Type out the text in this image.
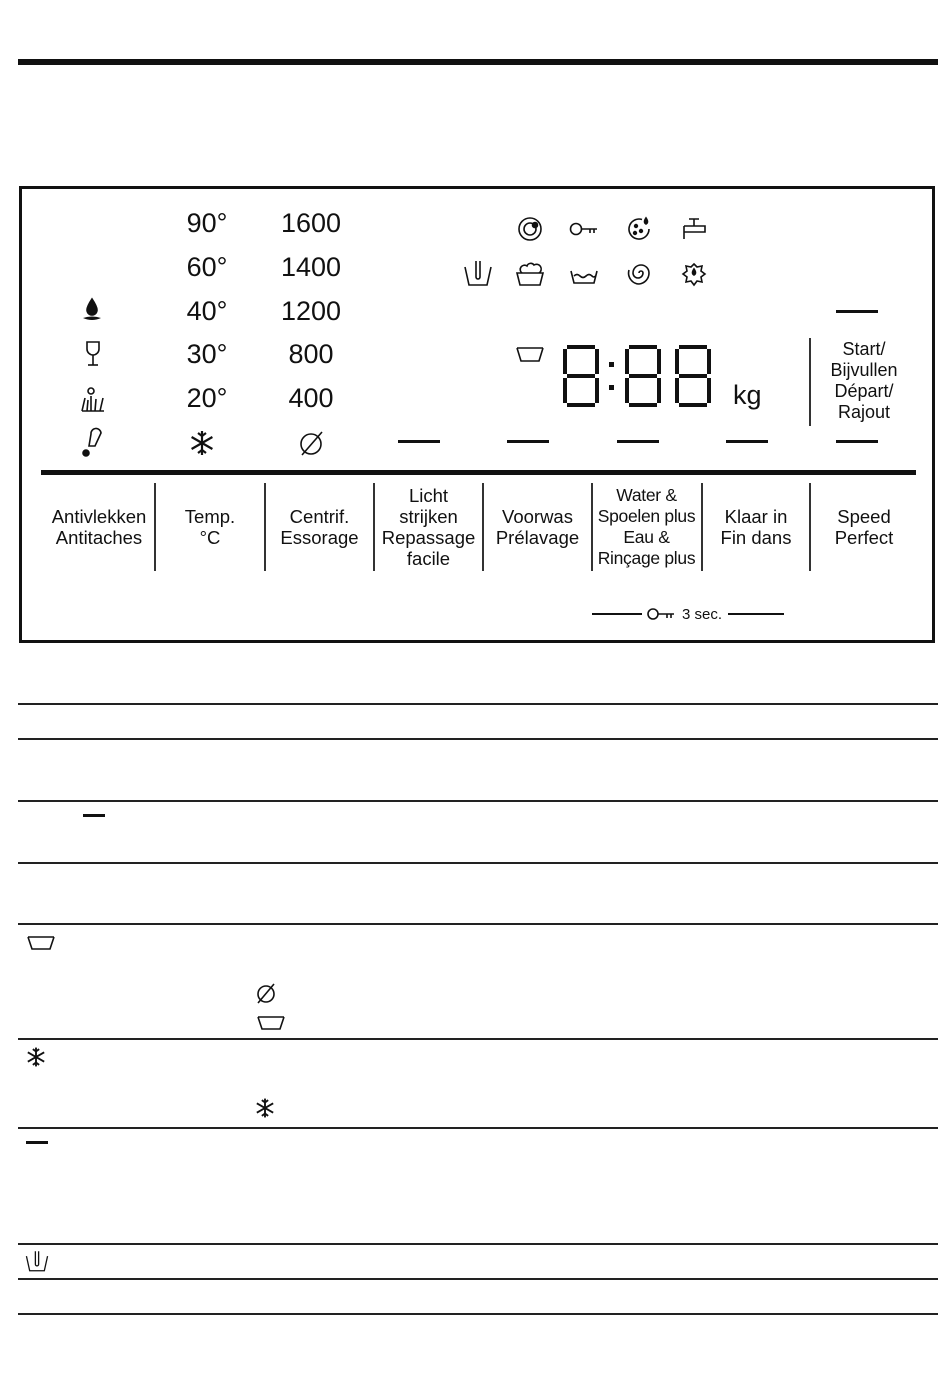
90°
60°
40°
30°
20°
1600
1400
1200
800
400	kg
Start/
Bijvullen
Départ/
Rajout
Antivlekken
Antitaches
Temp.
°C
Centrif.
Essorage
Licht
strijken
Repassage
facile
Voorwas
Prélavage
Water &
Spoelen plus
Eau &
Rinçage plus
Klaar in
Fin dans
Speed
Perfect
3 sec.
